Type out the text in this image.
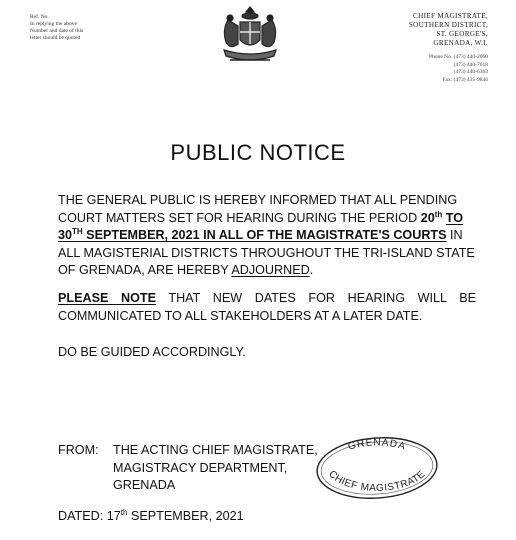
Ref. No.
In replying the above
Number and date of this
letter should be quoted
CHIEF MAGISTRATE,
SOUTHERN DISTRICT,
ST. GEORGE'S,
GRENADA, W.I.
Phone No. (473) 440-2060
(473) 440-7618
(473) 440-6363
Fax: (473) 435-9846
PUBLIC NOTICE
THE GENERAL PUBLIC IS HEREBY INFORMED THAT ALL PENDING COURT MATTERS SET FOR HEARING DURING THE PERIOD 20th TO 30TH SEPTEMBER, 2021 IN ALL OF THE MAGISTRATE'S COURTS IN ALL MAGISTERIAL DISTRICTS THROUGHOUT THE TRI-ISLAND STATE OF GRENADA, ARE HEREBY ADJOURNED.
PLEASE NOTE THAT NEW DATES FOR HEARING WILL BE COMMUNICATED TO ALL STAKEHOLDERS AT A LATER DATE.
DO BE GUIDED ACCORDINGLY.
FROM: THE ACTING CHIEF MAGISTRATE,
MAGISTRACY DEPARTMENT,
GRENADA
GRENADA
CHIEF MAGISTRATE
DATED: 17th SEPTEMBER, 2021
